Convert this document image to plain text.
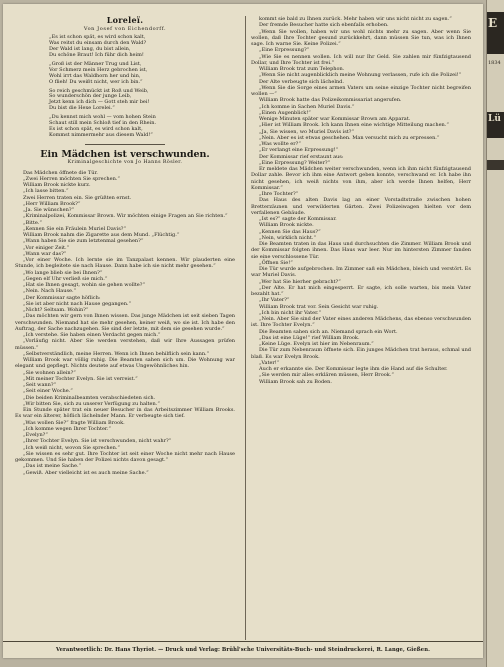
Loreleï.
Von Josef von Eichendorff.

„Es ist schon spät, es wird schon kalt,

Was reitst du einsam durch den Wald?

Der Wald ist lang, du bist allein,

Du schöne Braut! Ich führ dich heim!

„Groß ist der Männer Trug und List,

Vor Schmerz mein Herz gebrochen ist,

Wohl irrt das Waldhorn her und hin,

O flieh! Du weißt nicht, wer ich bin.“

So reich geschmückt ist Roß und Weib,

So wunderschön der junge Leib,

Jetzt kenn ich dich — Gott steh mir bei!

Du bist die Hexe Lorelei.“

„Du kennst mich wohl — vom hohen Stein

Schaut still mein Schloß tief in den Rhein.

Es ist schon spät, es wird schon kalt,

Kommst nimmermehr aus diesem Wald!“

Ein Mädchen ist verschwunden.
Kriminalgeschichte von Jo Hanns Rösler.

Das Mädchen öffnete die Tür.

„Zwei Herren möchten Sie sprechen.“

William Brook nickte kurz.

„Ich lasse bitten.“

Zwei Herren traten ein. Sie grüßten ernst.

„Herr William Brook?“

„Ja. Sie wünschen?“

„Kriminalpolizei, Kommissar Brown. Wir möchten einige Fragen an Sie richten.“

„Bitte.“

„Kennen Sie ein Fräulein Muriel Davis?“

William Brook nahm die Zigarette aus dem Mund. „Flüchtig.“

„Wann haben Sie sie zum letztenmal gesehen?“

„Vor einiger Zeit.“

„Wann war das?“

„Vor einer Woche. Ich lernte sie im Tanzpalast kennen. Wir plauderten eine Stunde, ich begleitete sie nach Hause. Dann habe ich sie nicht mehr gesehen.“

„Wo lange blieb sie bei Ihnen?“

„Gegen elf Uhr verließ sie mich.“

„Hat sie Ihnen gesagt, wohin sie gehen wollte?“

„Nein. Nach Hause.“

„Der Kommissar sagte höflich:

„Sie ist aber nicht nach Hause gegangen.“

„Nicht? Seltsam. Wohin?“

„Das möchten wir gern von Ihnen wissen. Das junge Mädchen ist seit sieben Tagen verschwunden. Niemand hat sie mehr gesehen, keiner weiß, wo sie ist. Ich habe den Auftrag, der Sache nachzugehen. Sie sind der letzte, mit dem sie gesehen wurde.“

„Ich verstehe. Sie haben einen Verdacht gegen mich.“

„Vorläufig nicht. Aber Sie werden verstehen, daß wir Ihre Aussagen prüfen müssen.“

„Selbstverständlich, meine Herren. Wenn ich Ihnen behilflich sein kann.“

William Brook war völlig ruhig. Die Beamten sahen sich um. Die Wohnung war elegant und gepflegt. Nichts deutete auf etwas Ungewöhnliches hin.

„Sie wohnen allein?“

„Mit meiner Tochter Evelyn. Sie ist verreist.“

„Seit wann?“

„Seit einer Woche.“

„Die beiden Kriminalbeamten verabschiedeten sich.

„Wir bitten Sie, sich zu unserer Verfügung zu halten.“

Ein Stunde später trat ein neuer Besucher in das Arbeitszimmer William Brooks. Es war ein älterer, höflich lächelnder Mann. Er verbeugte sich tief.

„Was wollen Sie?“ fragte William Brook.

„Ich komme wegen Ihrer Tochter.“

„Evelyn?“

„Ihrer Tochter Evelyn. Sie ist verschwunden, nicht wahr?“

„Ich weiß nicht, wovon Sie sprechen.“

„Sie wissen es sehr gut. Ihre Tochter ist seit einer Woche nicht mehr nach Hause gekommen. Und Sie haben der Polizei nichts davon gesagt.“

„Das ist meine Sache.“

„Gewiß. Aber vielleicht ist es auch meine Sache.“

kommt sie bald zu Ihnen zurück. Mehr haben wir uns nicht nicht zu sagen.“

Der fremde Besucher hatte sich ebenfalls erhoben.

„Wenn Sie wollen, haben wir uns wohl nichts mehr zu sagen. Aber wenn Sie wollen, daß Ihre Tochter gesund zurückkehrt, dann müssen Sie tun, was ich Ihnen sage. Ich warne Sie. Keine Polizei.“

„Eine Erpressung?“

„Wie Sie es nennen wollen. Ich will nur Ihr Geld. Sie zahlen mir fünfzigtausend Dollar, und Ihre Tochter ist frei.“

William Brook trat zum Telephon.

„Wenn Sie nicht augenblicklich meine Wohnung verlassen, rufe ich die Polizei!“

Der Alte verbeugte sich lächelnd.

„Wenn Sie die Sorge eines armen Vaters um seine einzige Tochter nicht begreifen wollen —“

William Brook hatte das Polizeikommissariat angerufen.

„Ich komme in Sachen Muriel Davis.“

„Einen Augenblick!“

Wenige Minuten später war Kommissar Brown am Apparat.

„Hier ist William Brook. Ich kann Ihnen eine wichtige Mitteilung machen.“

„Ja, Sie wissen, wo Muriel Davis ist?“

„Nein. Aber es ist etwas geschehen. Man versucht mich zu erpressen.“

„Was wollte er?“

„Er verlangt eine Erpressung!“

Der Kommissar rief erstaunt aus:

„Eine Erpressung? Weiter?“

Er meldete das Mädchen weiter verschwunden, wenn ich ihm nicht fünfzigtausend Dollar zahle. Bevor ich ihm eine Antwort geben konnte, verschwand er. Ich habe ihn nicht gesehen, ich weiß nichts von ihm, aber ich werde Ihnen helfen, Herr Kommissar.“

„Ihre Tochter?“

Das Haus des alten Davis lag an einer Vorstadtstraße zwischen hohen Bretterzäunen und verwilderten Gärten. Zwei Polizeiwagen hielten vor dem verfallenen Gebäude.

„Ist es?“ sagte der Kommissar.

William Brook nickte.

„Kennen Sie das Haus?“

„Nein, wirklich nicht.“

Die Beamten traten in das Haus und durchsuchten die Zimmer. William Brook und der Kommissar folgten ihnen. Das Haus war leer. Nur im hintersten Zimmer fanden sie eine verschlossene Tür.

„Öffnen Sie!“

Die Tür wurde aufgebrochen. Im Zimmer saß ein Mädchen, bleich und verstört. Es war Muriel Davis.

„Wer hat Sie hierher gebracht?“

„Der Alte. Er hat mich eingesperrt. Er sagte, ich solle warten, bis mein Vater bezahlt hat.“

„Ihr Vater?“

William Brook trat vor. Sein Gesicht war ruhig.

„Ich bin nicht ihr Vater.“

„Nein. Aber Sie sind der Vater eines anderen Mädchens, das ebenso verschwunden ist. Ihre Tochter Evelyn.“

Die Beamten sahen sich an. Niemand sprach ein Wort.

„Das ist eine Lüge!“ rief William Brook.

„Keine Lüge. Evelyn ist hier im Nebenraum.“

Die Tür zum Nebenraum öffnete sich. Ein junges Mädchen trat heraus, schmal und blaß. Es war Evelyn Brook.

„Vater!“

Auch er erkannte sie. Der Kommissar legte ihm die Hand auf die Schulter.

„Sie werden mir alles erklären müssen, Herr Brook.“

William Brook sah zu Boden.

Verantwortlich: Dr. Hans Thyriot. — Druck und Verlag: Brühl'sche Universitäts-Buch- und Steindruckerei, R. Lange, Gießen.
E
Lü
1834
